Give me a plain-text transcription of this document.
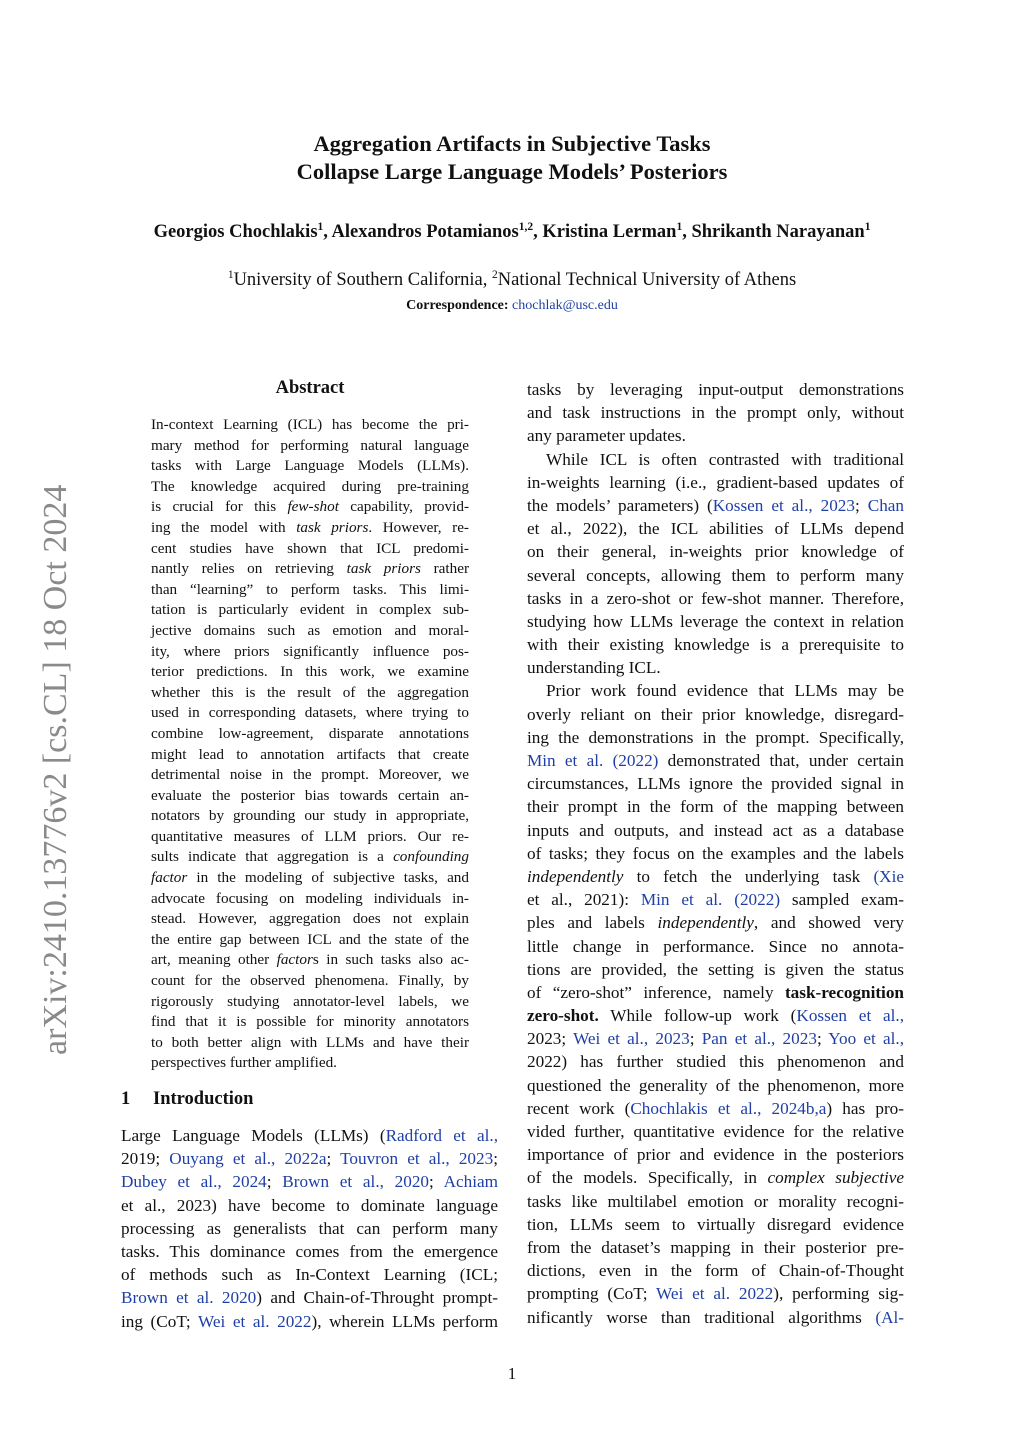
Aggregation Artifacts in Subjective Tasks
Collapse Large Language Models’ Posteriors
Georgios Chochlakis$^1$, Alexandros Potamianos$^{1,2}$, Kristina Lerman$^1$, Shrikanth Narayanan$^1$
$^1$University of Southern California, $^2$National Technical University of Athens
Correspondence: chochlak@usc.edu
arXiv:2410.13776v2 [cs.CL] 18 Oct 2024
Abstract
In-context Learning (ICL) has become the pri-
mary method for performing natural language
tasks with Large Language Models (LLMs).
The knowledge acquired during pre-training
is crucial for this few-shot capability, provid-
ing the model with task priors. However, re-
cent studies have shown that ICL predomi-
nantly relies on retrieving task priors rather
than “learning” to perform tasks. This limi-
tation is particularly evident in complex sub-
jective domains such as emotion and moral-
ity, where priors significantly influence pos-
terior predictions. In this work, we examine
whether this is the result of the aggregation
used in corresponding datasets, where trying to
combine low-agreement, disparate annotations
might lead to annotation artifacts that create
detrimental noise in the prompt. Moreover, we
evaluate the posterior bias towards certain an-
notators by grounding our study in appropriate,
quantitative measures of LLM priors. Our re-
sults indicate that aggregation is a confounding
factor in the modeling of subjective tasks, and
advocate focusing on modeling individuals in-
stead. However, aggregation does not explain
the entire gap between ICL and the state of the
art, meaning other factors in such tasks also ac-
count for the observed phenomena. Finally, by
rigorously studying annotator-level labels, we
find that it is possible for minority annotators
to both better align with LLMs and have their
perspectives further amplified.
1 Introduction
Large Language Models (LLMs) (Radford et al.,
2019; Ouyang et al., 2022a; Touvron et al., 2023;
Dubey et al., 2024; Brown et al., 2020; Achiam
et al., 2023) have become to dominate language
processing as generalists that can perform many
tasks. This dominance comes from the emergence
of methods such as In-Context Learning (ICL;
Brown et al. 2020) and Chain-of-Throught prompt-
ing (CoT; Wei et al. 2022), wherein LLMs perform
tasks by leveraging input-output demonstrations
and task instructions in the prompt only, without
any parameter updates.
While ICL is often contrasted with traditional
in-weights learning (i.e., gradient-based updates of
the models’ parameters) (Kossen et al., 2023; Chan
et al., 2022), the ICL abilities of LLMs depend
on their general, in-weights prior knowledge of
several concepts, allowing them to perform many
tasks in a zero-shot or few-shot manner. Therefore,
studying how LLMs leverage the context in relation
with their existing knowledge is a prerequisite to
understanding ICL.
Prior work found evidence that LLMs may be
overly reliant on their prior knowledge, disregard-
ing the demonstrations in the prompt. Specifically,
Min et al. (2022) demonstrated that, under certain
circumstances, LLMs ignore the provided signal in
their prompt in the form of the mapping between
inputs and outputs, and instead act as a database
of tasks; they focus on the examples and the labels
independently to fetch the underlying task (Xie
et al., 2021): Min et al. (2022) sampled exam-
ples and labels independently, and showed very
little change in performance. Since no annota-
tions are provided, the setting is given the status
of “zero-shot” inference, namely task-recognition
zero-shot. While follow-up work (Kossen et al.,
2023; Wei et al., 2023; Pan et al., 2023; Yoo et al.,
2022) has further studied this phenomenon and
questioned the generality of the phenomenon, more
recent work (Chochlakis et al., 2024b,a) has pro-
vided further, quantitative evidence for the relative
importance of prior and evidence in the posteriors
of the models. Specifically, in complex subjective
tasks like multilabel emotion or morality recogni-
tion, LLMs seem to virtually disregard evidence
from the dataset’s mapping in their posterior pre-
dictions, even in the form of Chain-of-Thought
prompting (CoT; Wei et al. 2022), performing sig-
nificantly worse than traditional algorithms (Al-
1
